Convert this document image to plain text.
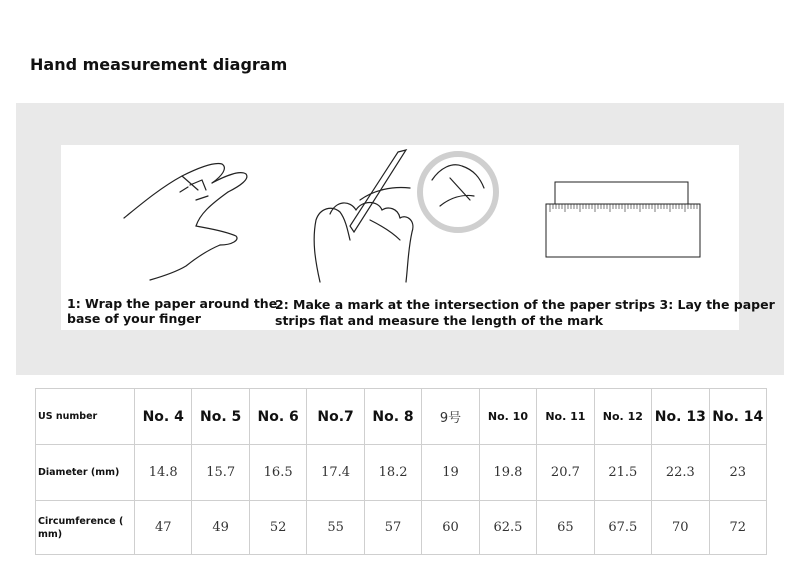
Hand measurement diagram
1: Wrap the paper around the
base of your finger
2: Make a mark at the intersection of the paper strips 3: Lay the paper
strips flat and measure the length of the mark
US number	No. 4	No. 5	No. 6	No.7	No. 8	9号	No. 10	No. 11	No. 12	No. 13	No. 14
Diameter (mm)	14.8	15.7	16.5	17.4	18.2	19	19.8	20.7	21.5	22.3	23
Circumference (
mm)	47	49	52	55	57	60	62.5	65	67.5	70	72
